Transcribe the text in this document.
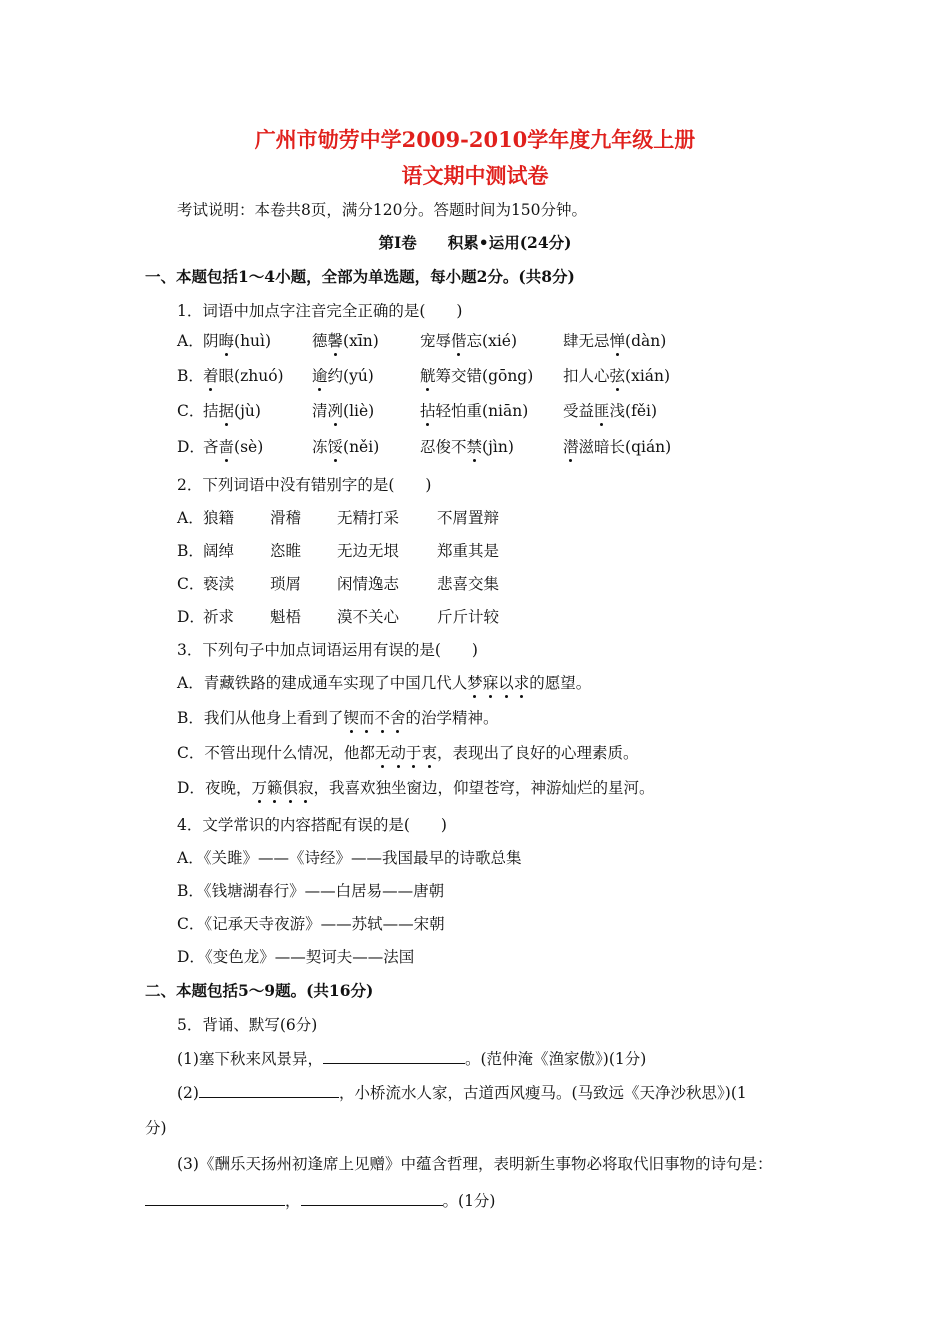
广州市劬劳中学2009-2010学年度九年级上册
语文期中测试卷
考试说明：本卷共8页，满分120分。答题时间为150分钟。
第Ⅰ卷　　积累•运用(24分)
一、本题包括1～4小题，全部为单选题，每小题2分。(共8分)
1．词语中加点字注音完全正确的是(　　)
A． 阴晦(huì)	德馨(xīn)	宠辱偕忘(xié)	肆无忌惮(dàn)
B． 着眼(zhuó) 逾约(yú)	觥筹交错(gōng) 扣人心弦(xián)
C．
拮据(jù)	清冽(liè)	拈轻怕重(niān) 受益匪浅(fěi)
D．
吝啬(sè)	冻馁(něi)	忍俊不禁(jìn)	潜滋暗长(qián)
2．下列词语中没有错别字的是(　　)
A． 狼籍 滑稽 无精打采 不屑置辩
B． 阔绰 恣睢 无边无垠 郑重其是
C．
亵渎 琐屑 闲情逸志 悲喜交集
D．
祈求 魁梧 漠不关心 斤斤计较
3．下列句子中加点词语运用有误的是(　　)
A．青藏铁路的建成通车实现了中国几代人梦寐以求的愿望。
B．我们从他身上看到了锲而不舍的治学精神。
C．不管出现什么情况，他都无动于衷，表现出了良好的心理素质。
D．夜晚，万籁俱寂，我喜欢独坐窗边，仰望苍穹，神游灿烂的星河。
4．文学常识的内容搭配有误的是(　　)
A．《关雎》——《诗经》——我国最早的诗歌总集
B．《钱塘湖春行》——白居易——唐朝
C．《记承天寺夜游》——苏轼——宋朝
D．《变色龙》——契诃夫——法国
二、本题包括5～9题。(共16分)
5．背诵、默写(6分)
(1)塞下秋来风景异，	。(范仲淹《渔家傲》)(1分)
(2)	，小桥流水人家，古道西风瘦马。(马致远《天净沙秋思》)(1
分)
(3)《酬乐天扬州初逢席上见赠》中蕴含哲理，表明新生事物必将取代旧事物的诗句是：
，	。(1分)
